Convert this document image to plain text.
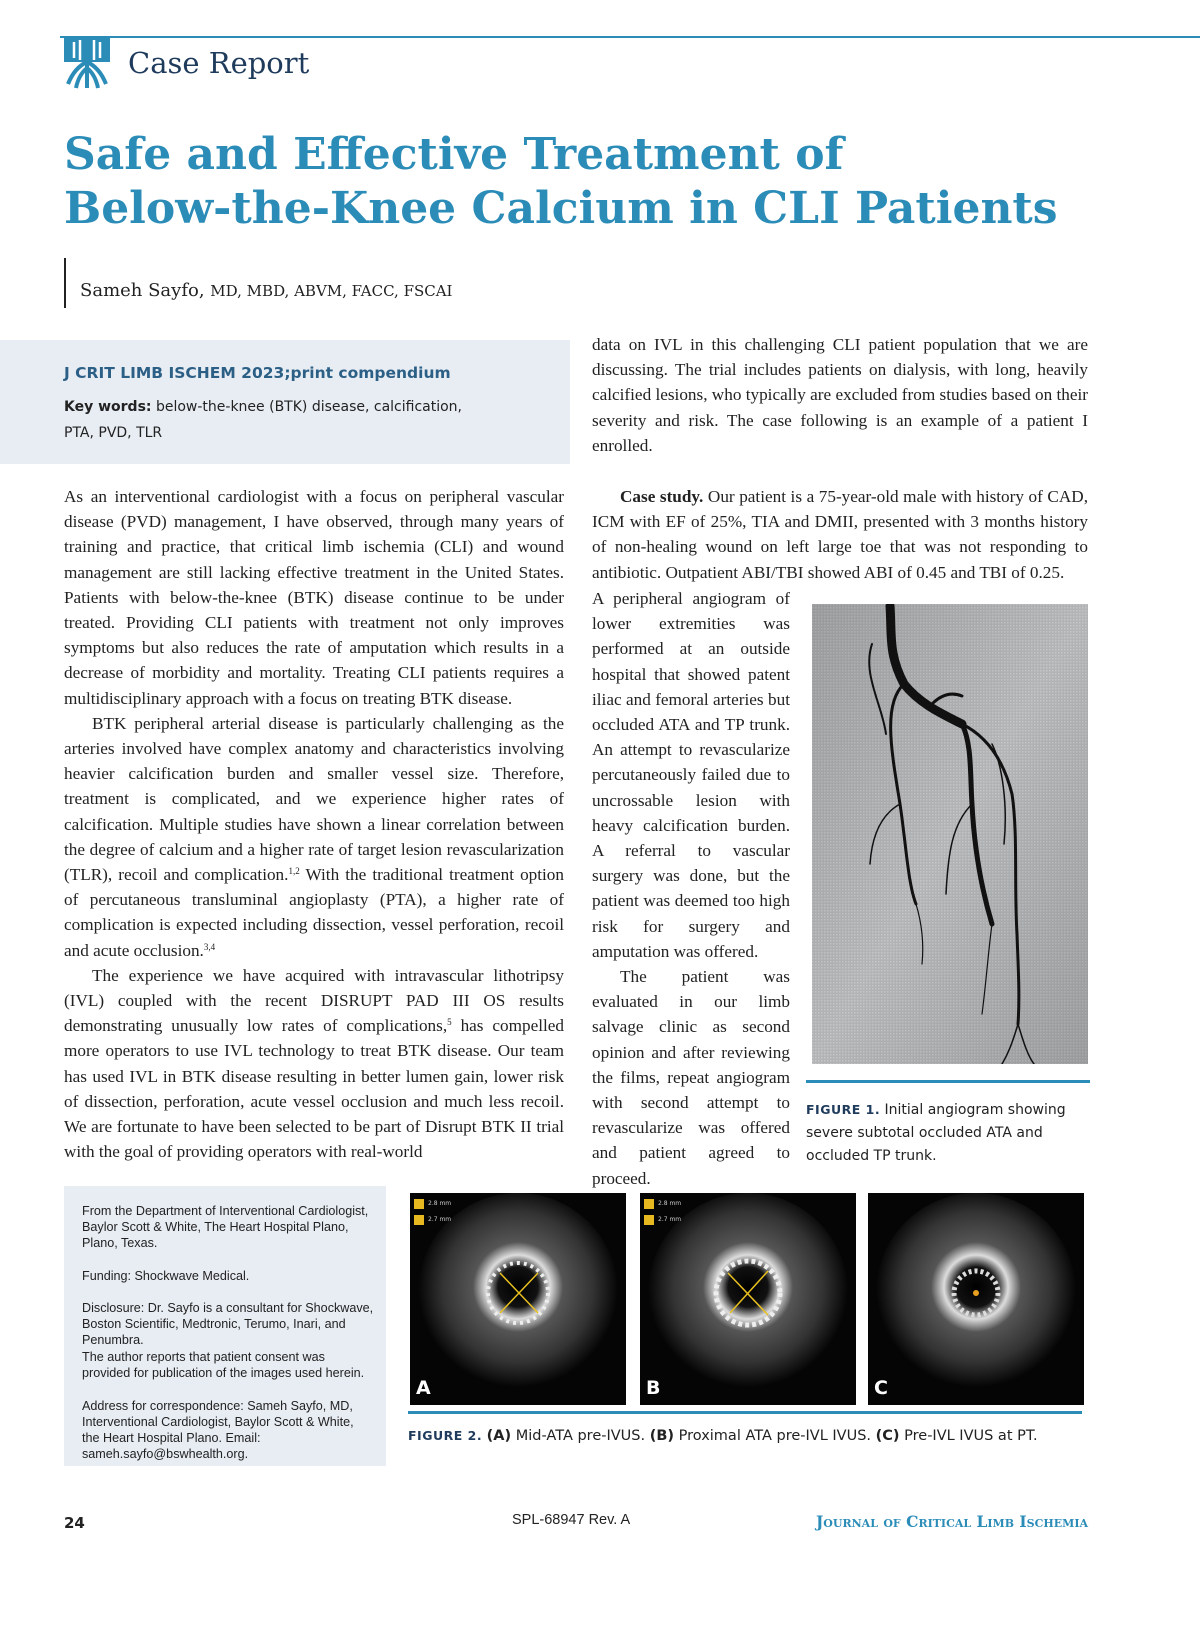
Case Report
Safe and Effective Treatment of
Below-the-Knee Calcium in CLI Patients
Sameh Sayfo, MD, MBD, ABVM, FACC, FSCAI
J CRIT LIMB ISCHEM 2023;print compendium
Key words: below-the-knee (BTK) disease, calcification, PTA, PVD, TLR

As an interventional cardiologist with a focus on peripheral vascular disease (PVD) management, I have observed, through many years of training and practice, that critical limb ischemia (CLI) and wound management are still lacking effective treatment in the United States. Patients with below-the-knee (BTK) disease continue to be under treated. Providing CLI patients with treatment not only improves symptoms but also reduces the rate of amputation which results in a decrease of morbidity and mortality. Treating CLI patients requires a multidisciplinary approach with a focus on treating BTK disease.

BTK peripheral arterial disease is particularly challenging as the arteries involved have complex anatomy and characteristics involving heavier calcification burden and smaller vessel size. Therefore, treatment is complicated, and we experience higher rates of calcification. Multiple studies have shown a linear correlation between the degree of calcium and a higher rate of target lesion revascularization (TLR), recoil and complication.$^{1,2}$ With the traditional treatment option of percutaneous transluminal angioplasty (PTA), a higher rate of complication is expected including dissection, vessel perforation, recoil and acute occlusion.$^{3,4}$

The experience we have acquired with intravascular lithotripsy (IVL) coupled with the recent DISRUPT PAD III OS results demonstrating unusually low rates of complications,$^5$ has compelled more operators to use IVL technology to treat BTK disease. Our team has used IVL in BTK disease resulting in better lumen gain, lower risk of dissection, perforation, acute vessel occlusion and much less recoil. We are fortunate to have been selected to be part of Disrupt BTK II trial with the goal of providing operators with real-world

data on IVL in this challenging CLI patient population that we are discussing. The trial includes patients on dialysis, with long, heavily calcified lesions, who typically are excluded from studies based on their severity and risk. The case following is an example of a patient I enrolled.

Case study. Our patient is a 75-year-old male with history of CAD, ICM with EF of 25%, TIA and DMII, presented with 3 months history of non-healing wound on left large toe that was not responding to antibiotic. Outpatient ABI/TBI showed ABI of 0.45 and TBI of 0.25.

A peripheral angiogram of lower extremities was performed at an outside hospital that showed patent iliac and femoral arteries but occluded ATA and TP trunk. An attempt to revascularize percutaneously failed due to uncrossable lesion with heavy calcification burden. A referral to vascular surgery was done, but the patient was deemed too high risk for surgery and amputation was offered.

The patient was evaluated in our limb salvage clinic as second opinion and after reviewing the films, repeat angiogram with second attempt to revascularize was offered and patient agreed to proceed.

FIGURE 1. Initial angiogram showing severe subtotal occluded ATA and occluded TP trunk.
From the Department of Interventional Cardiologist, Baylor Scott & White, The Heart Hospital Plano, Plano, Texas.
Funding: Shockwave Medical.
Disclosure: Dr. Sayfo is a consultant for Shockwave, Boston Scientific, Medtronic, Terumo, Inari, and Penumbra.
The author reports that patient consent was provided for publication of the images used herein.
Address for correspondence: Sameh Sayfo, MD, Interventional Cardiologist, Baylor Scott & White, the Heart Hospital Plano. Email: sameh.sayfo@bswhealth.org.
2.8 mm
2.7 mm
A
2.8 mm
2.7 mm
B	C
FIGURE 2. (A) Mid-ATA pre-IVUS. (B) Proximal ATA pre-IVL IVUS. (C) Pre-IVL IVUS at PT.
24	SPL-68947 Rev. A	Journal of Critical Limb Ischemia
